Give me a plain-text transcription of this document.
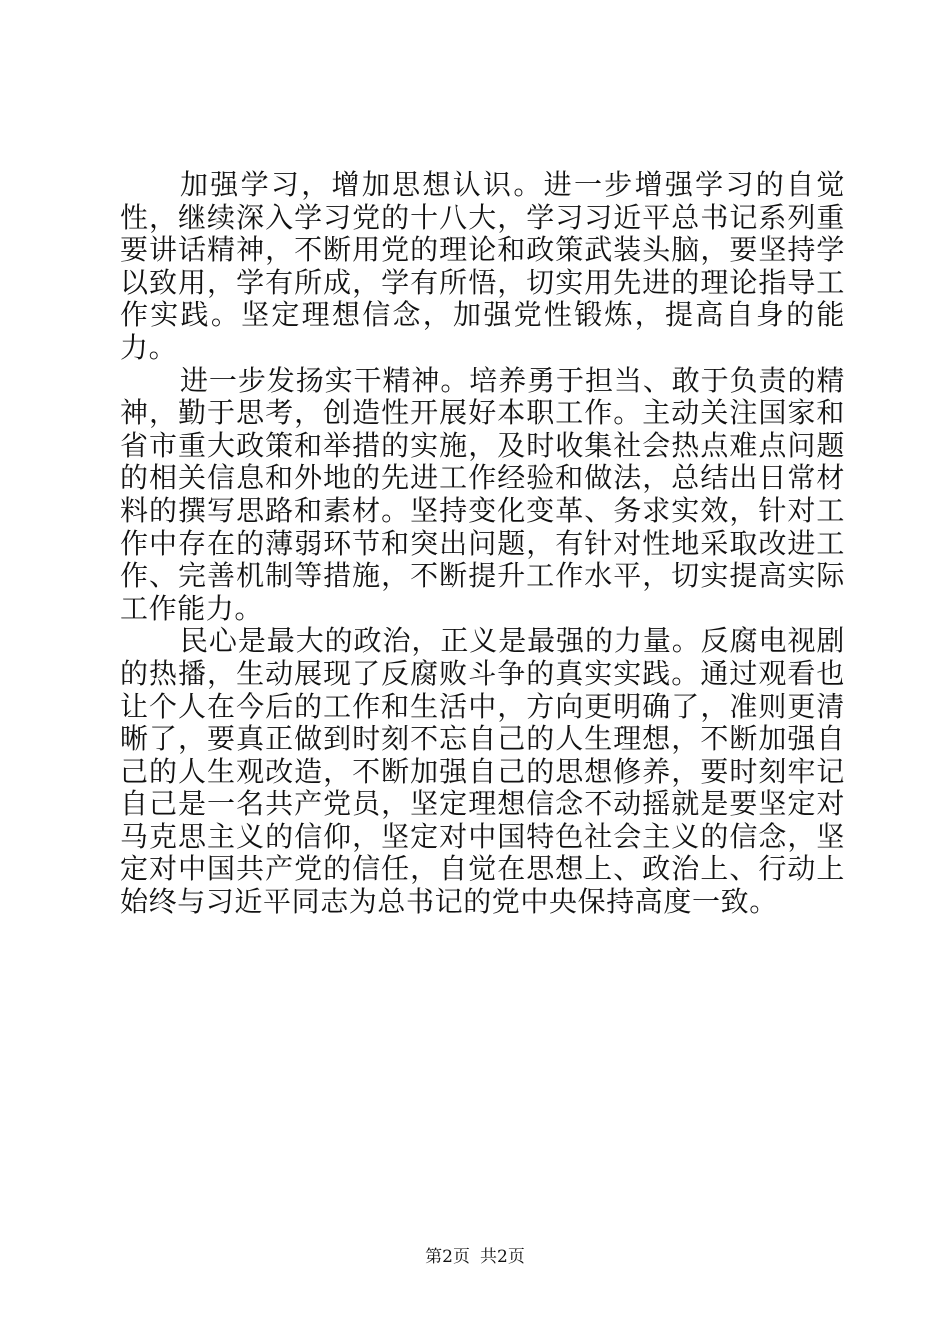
加强学习，增加思想认识。进一步增强学习的自觉性，继续深入学习党的十八大，学习习近平总书记系列重要讲话精神，不断用党的理论和政策武装头脑，要坚持学以致用，学有所成，学有所悟，切实用先进的理论指导工作实践。坚定理想信念，加强党性锻炼，提高自身的能力。

进一步发扬实干精神。培养勇于担当、敢于负责的精神，勤于思考，创造性开展好本职工作。主动关注国家和省市重大政策和举措的实施，及时收集社会热点难点问题的相关信息和外地的先进工作经验和做法，总结出日常材料的撰写思路和素材。坚持变化变革、务求实效，针对工作中存在的薄弱环节和突出问题，有针对性地采取改进工作、完善机制等措施，不断提升工作水平，切实提高实际工作能力。

民心是最大的政治，正义是最强的力量。反腐电视剧的热播，生动展现了反腐败斗争的真实实践。通过观看也让个人在今后的工作和生活中，方向更明确了，准则更清晰了，要真正做到时刻不忘自己的人生理想，不断加强自己的人生观改造，不断加强自己的思想修养，要时刻牢记自己是一名共产党员，坚定理想信念不动摇就是要坚定对马克思主义的信仰，坚定对中国特色社会主义的信念，坚定对中国共产党的信任，自觉在思想上、政治上、行动上始终与习近平同志为总书记的党中央保持高度一致。

第2页 共2页
